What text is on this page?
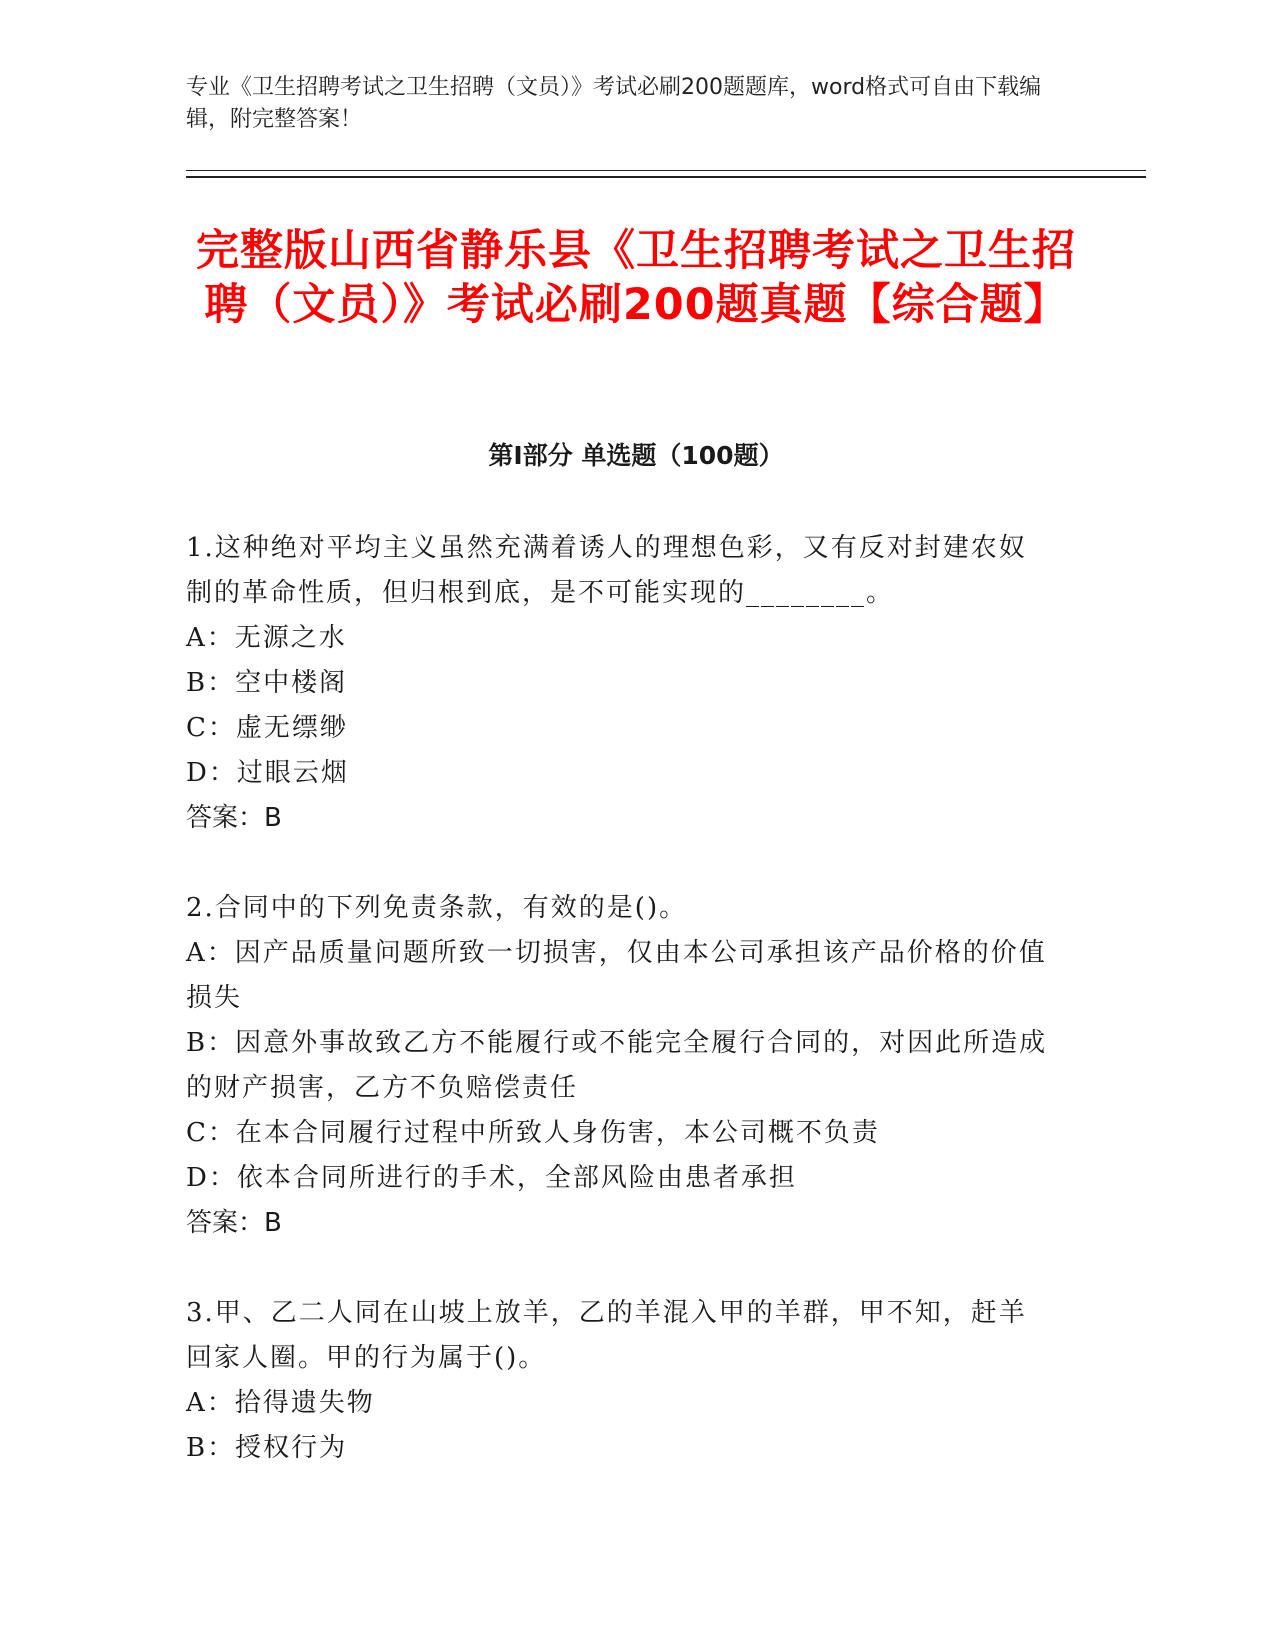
专业《卫生招聘考试之卫生招聘（文员）》考试必刷200题题库，word格式可自由下载编辑，附完整答案！
完整版山西省静乐县《卫生招聘考试之卫生招聘（文员）》考试必刷200题真题【综合题】
第I部分 单选题（100题）

1.这种绝对平均主义虽然充满着诱人的理想色彩，又有反对封建农奴

制的革命性质，但归根到底，是不可能实现的________。

A：无源之水

B：空中楼阁

C：虚无缥缈

D：过眼云烟

答案：B

2.合同中的下列免责条款，有效的是()。

A：因产品质量问题所致一切损害，仅由本公司承担该产品价格的价值

损失

B：因意外事故致乙方不能履行或不能完全履行合同的，对因此所造成

的财产损害，乙方不负赔偿责任

C：在本合同履行过程中所致人身伤害，本公司概不负责

D：依本合同所进行的手术，全部风险由患者承担

答案：B

3.甲、乙二人同在山坡上放羊，乙的羊混入甲的羊群，甲不知，赶羊

回家人圈。甲的行为属于()。

A：拾得遗失物

B：授权行为
